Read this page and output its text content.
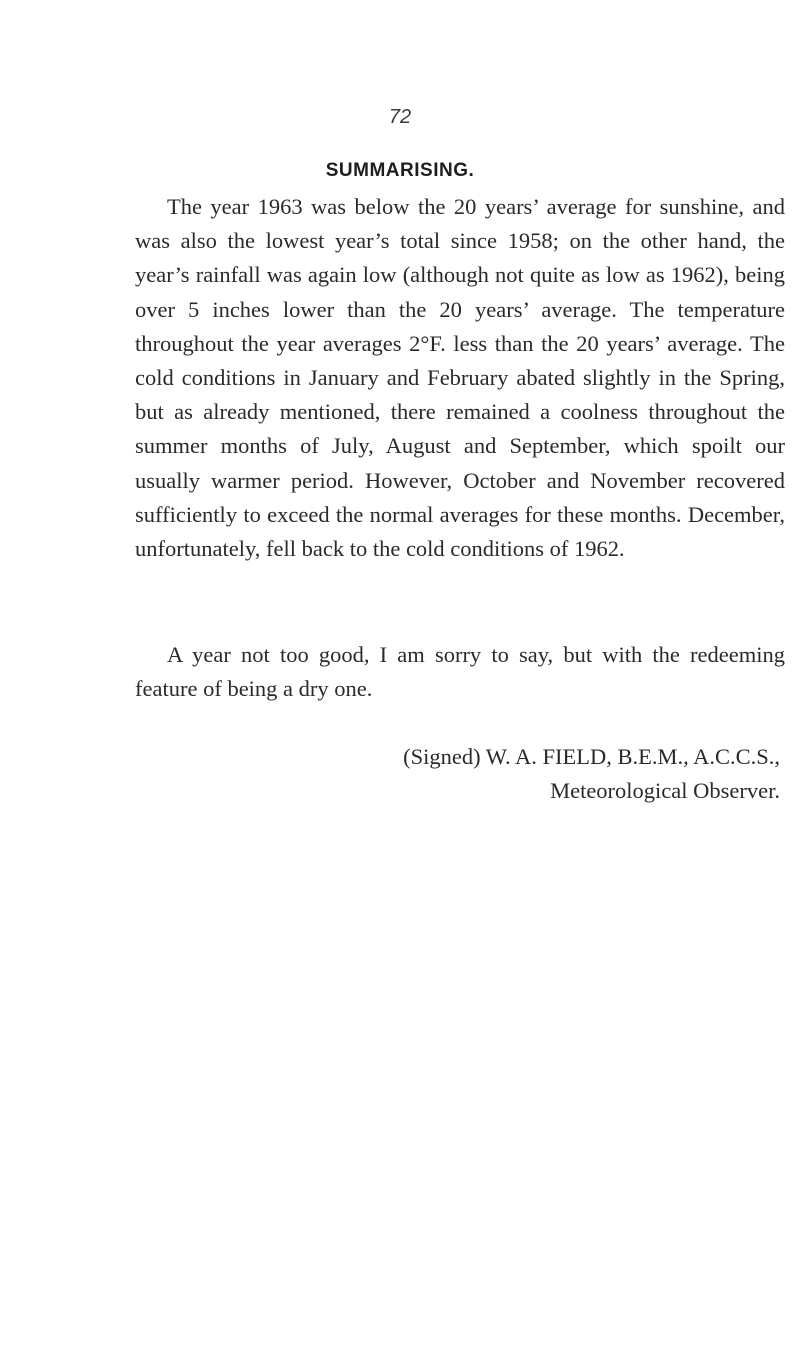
72
SUMMARISING.

The year 1963 was below the 20 years’ average for sunshine, and was also the lowest year’s total since 1958; on the other hand, the year’s rainfall was again low (although not quite as low as 1962), being over 5 inches lower than the 20 years’ average. The temperature throughout the year averages 2°F. less than the 20 years’ average. The cold conditions in January and February abated slightly in the Spring, but as already mentioned, there remained a coolness throughout the summer months of July, August and September, which spoilt our usually warmer period. However, October and November recovered sufficiently to exceed the normal averages for these months. December, unfortunately, fell back to the cold conditions of 1962.

A year not too good, I am sorry to say, but with the redeeming feature of being a dry one.

(Signed) W. A. FIELD, B.E.M., A.C.C.S.,
Meteorological Observer.
